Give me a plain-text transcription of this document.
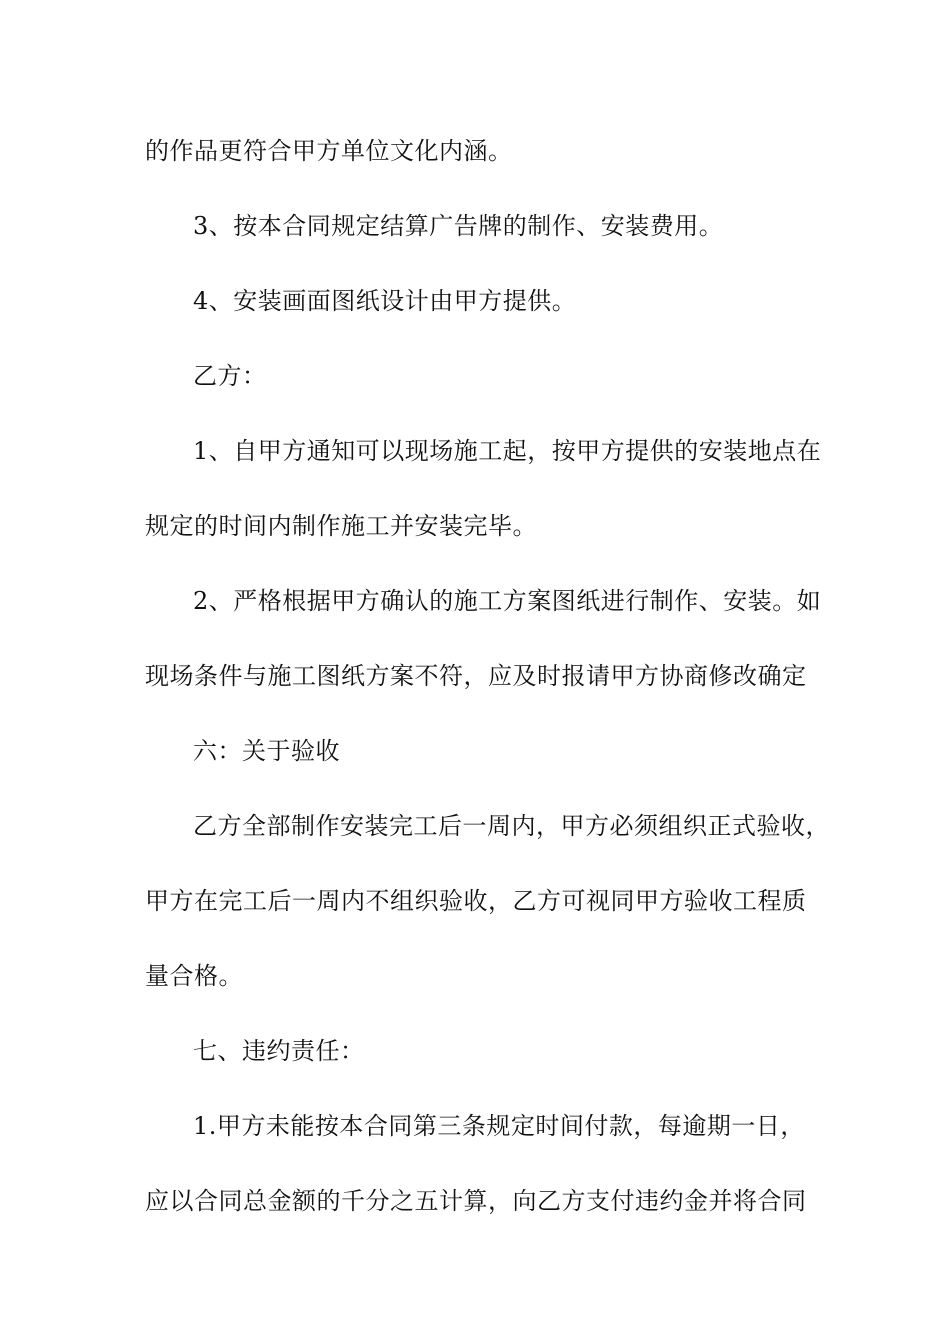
的作品更符合甲方单位文化内涵。
3、按本合同规定结算广告牌的制作、安装费用。
4、安装画面图纸设计由甲方提供。
乙方：
1、自甲方通知可以现场施工起，按甲方提供的安装地点在
规定的时间内制作施工并安装完毕。
2、严格根据甲方确认的施工方案图纸进行制作、安装。如
现场条件与施工图纸方案不符，应及时报请甲方协商修改确定
六：关于验收
乙方全部制作安装完工后一周内，甲方必须组织正式验收，
甲方在完工后一周内不组织验收，乙方可视同甲方验收工程质
量合格。
七、违约责任：
1.甲方未能按本合同第三条规定时间付款，每逾期一日，
应以合同总金额的千分之五计算，向乙方支付违约金并将合同
